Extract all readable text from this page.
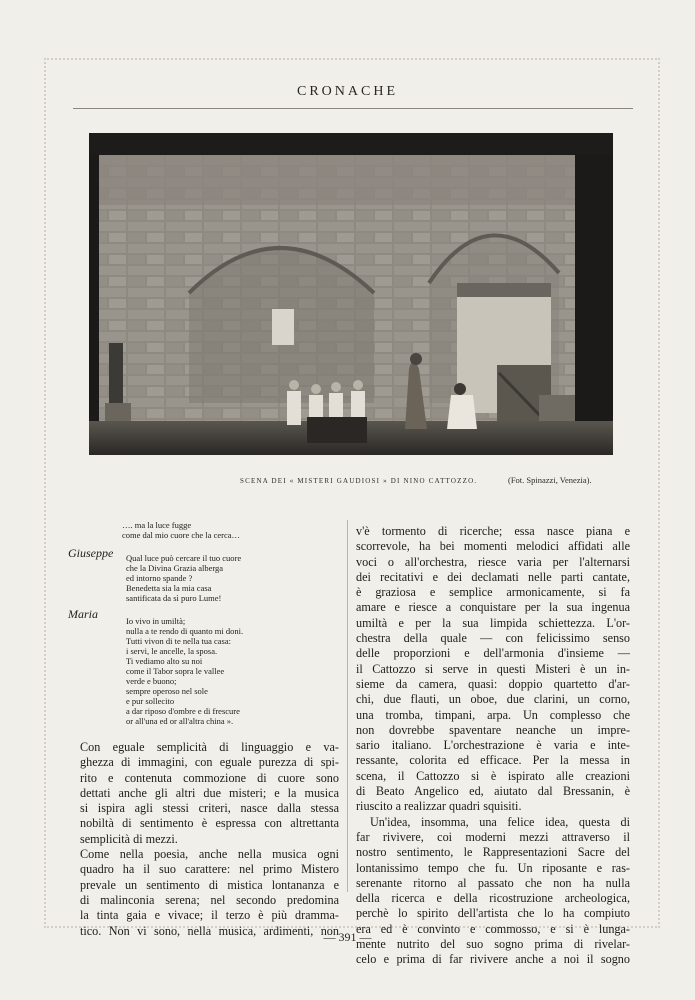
CRONACHE
SCENA DEI « MISTERI GAUDIOSI » DI NINO CATTOZZO.	(Fot. Spinazzi, Venezia).
…. ma la luce fugge
come dal mio cuore che la cerca…
Giuseppe	Qual luce può cercare il tuo cuore
che la Divina Grazia alberga
ed intorno spande ?
Benedetta sia la mia casa
santificata da sì puro Lume!
Maria	Io vivo in umiltà;
nulla a te rendo di quanto mi doni.
Tutti vivon di te nella tua casa:
i servi, le ancelle, la sposa.
Ti vediamo alto su noi
come il Tabor sopra le vallee
verde e buono;
sempre operoso nel sole
e pur sollecito
a dar riposo d'ombre e di frescure
or all'una ed or all'altra china ».

Con eguale semplicità di linguaggio e va-
ghezza di immagini, con eguale purezza di spi-
rito e contenuta commozione di cuore sono
dettati anche gli altri due misteri; e la musica
si ispira agli stessi criteri, nasce dalla stessa
nobiltà di sentimento è espressa con altrettanta
semplicità di mezzi.

Come nella poesia, anche nella musica ogni
quadro ha il suo carattere: nel primo Mistero
prevale un sentimento di mistica lontananza e
di malinconia serena; nel secondo predomina
la tinta gaia e vivace; il terzo è più dramma-
tico. Non vi sono, nella musica, ardimenti, non

v'è tormento di ricerche; essa nasce piana e
scorrevole, ha bei momenti melodici affidati alle
voci o all'orchestra, riesce varia per l'alternarsi
dei recitativi e dei declamati nelle parti cantate,
è graziosa e semplice armonicamente, si fa
amare e riesce a conquistare per la sua ingenua
umiltà e per la sua limpida schiettezza. L'or-
chestra della quale — con felicissimo senso
delle proporzioni e dell'armonia d'insieme —
il Cattozzo si serve in questi Misteri è un in-
sieme da camera, quasi: doppio quartetto d'ar-
chi, due flauti, un oboe, due clarini, un corno,
una tromba, timpani, arpa. Un complesso che
non dovrebbe spaventare neanche un impre-
sario italiano. L'orchestrazione è varia e inte-
ressante, colorita ed efficace. Per la messa in
scena, il Cattozzo si è ispirato alle creazioni
di Beato Angelico ed, aiutato dal Bressanin, è
riuscito a realizzar quadri squisiti.

Un'idea, insomma, una felice idea, questa di
far rivivere, coi moderni mezzi attraverso il
nostro sentimento, le Rappresentazioni Sacre del
lontanissimo tempo che fu. Un riposante e ras-
serenante ritorno al passato che non ha nulla
della ricerca e della ricostruzione archeologica,
perchè lo spirito dell'artista che lo ha compiuto
era ed è convinto e commosso, e si è lunga-
mente nutrito del suo sogno prima di rivelar-
celo e prima di far rivivere anche a noi il sogno

— 391 —
